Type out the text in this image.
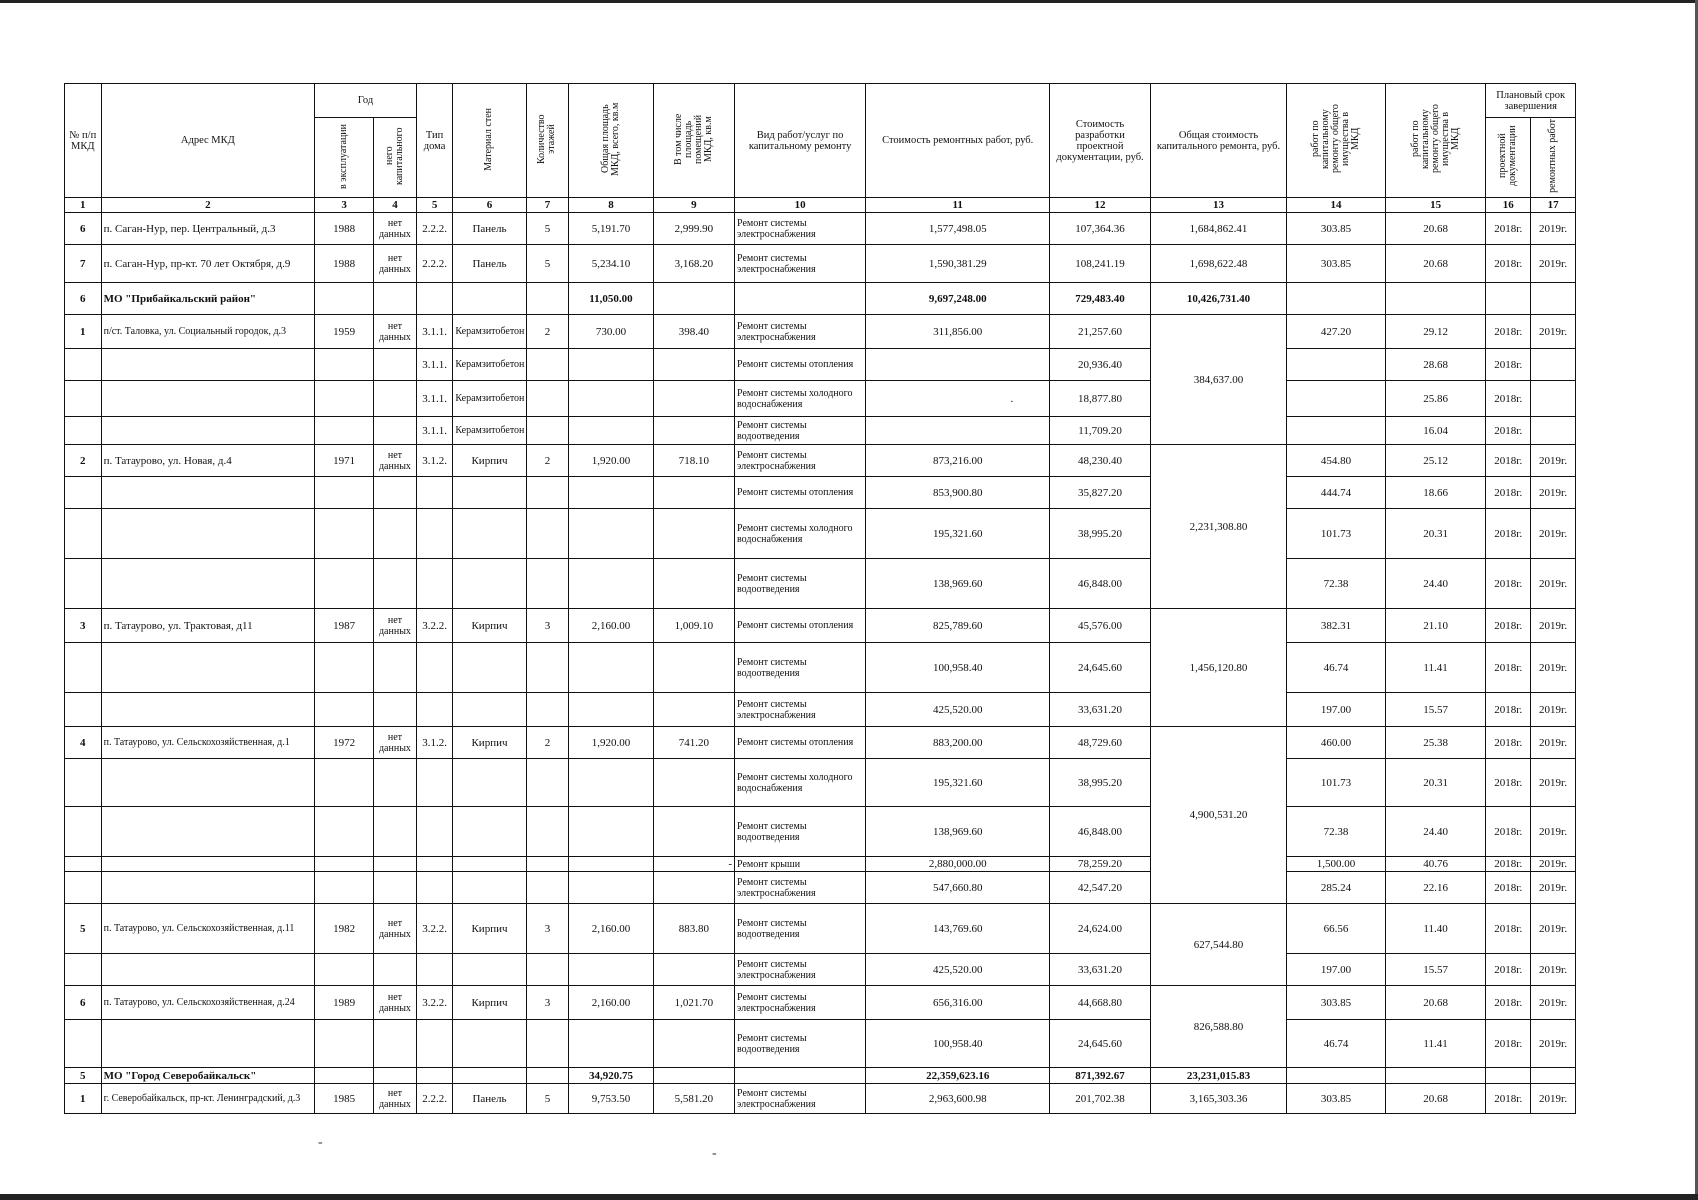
№ п/п МКД	Адрес МКД	Год		Тип дома	Материал стен	Количество этажей	Общая площадь МКД, всего, кв.м	В том числе площадь помещений МКД, кв.м	Вид работ/услуг по капитальному ремонту	Стоимость ремонтных работ, руб.	Стоимость разработки проектной документации, руб.	Общая стоимость капитального ремонта, руб.	работ по капитальному ремонту общего имущества в МКД	работ по капитальному ремонту общего имущества в МКД	Плановый срок завершения	
		в эксплуатации	него капитального												проектной документации	ремонтных работ
1	2	3	4	5	6	7	8	9	10	11	12	13	14	15	16	17
6	п. Саган-Нур, пер. Центральный, д.3	1988	нет данных	2.2.2.	Панель	5	5,191.70	2,999.90	Ремонт системы электроснабжения	1,577,498.05	107,364.36	1,684,862.41	303.85	20.68	2018г.	2019г.
7	п. Саган-Нур, пр-кт. 70 лет Октября, д.9	1988	нет данных	2.2.2.	Панель	5	5,234.10	3,168.20	Ремонт системы электроснабжения	1,590,381.29	108,241.19	1,698,622.48	303.85	20.68	2018г.	2019г.
6	МО "Прибайкальский район"						11,050.00			9,697,248.00	729,483.40	10,426,731.40				
1	п/ст. Таловка, ул. Социальный городок, д.3	1959	нет данных	3.1.1.	Керамзитобетон	2	730.00	398.40	Ремонт системы электроснабжения	311,856.00	21,257.60	384,637.00	427.20	29.12	2018г.	2019г.
				3.1.1.	Керамзитобетон				Ремонт системы отопления		20,936.40			28.68	2018г.	
				3.1.1.	Керамзитобетон				Ремонт системы холодного водоснабжения	.	18,877.80			25.86	2018г.	
				3.1.1.	Керамзитобетон				Ремонт системы водоотведения		11,709.20			16.04	2018г.	
2	п. Татаурово, ул. Новая, д.4	1971	нет данных	3.1.2.	Кирпич	2	1,920.00	718.10	Ремонт системы электроснабжения	873,216.00	48,230.40	2,231,308.80	454.80	25.12	2018г.	2019г.
									Ремонт системы отопления	853,900.80	35,827.20		444.74	18.66	2018г.	2019г.
									Ремонт системы холодного водоснабжения	195,321.60	38,995.20		101.73	20.31	2018г.	2019г.
									Ремонт системы водоотведения	138,969.60	46,848.00		72.38	24.40	2018г.	2019г.
3	п. Татаурово, ул. Трактовая, д11	1987	нет данных	3.2.2.	Кирпич	3	2,160.00	1,009.10	Ремонт системы отопления	825,789.60	45,576.00	1,456,120.80	382.31	21.10	2018г.	2019г.
									Ремонт системы водоотведения	100,958.40	24,645.60		46.74	11.41	2018г.	2019г.
									Ремонт системы электроснабжения	425,520.00	33,631.20		197.00	15.57	2018г.	2019г.
4	п. Татаурово, ул. Сельскохозяйственная, д.1	1972	нет данных	3.1.2.	Кирпич	2	1,920.00	741.20	Ремонт системы отопления	883,200.00	48,729.60	4,900,531.20	460.00	25.38	2018г.	2019г.
									Ремонт системы холодного водоснабжения	195,321.60	38,995.20		101.73	20.31	2018г.	2019г.
									Ремонт системы водоотведения	138,969.60	46,848.00		72.38	24.40	2018г.	2019г.
								-	Ремонт крыши	2,880,000.00	78,259.20		1,500.00	40.76	2018г.	2019г.
									Ремонт системы электроснабжения	547,660.80	42,547.20		285.24	22.16	2018г.	2019г.
5	п. Татаурово, ул. Сельскохозяйственная, д.11	1982	нет данных	3.2.2.	Кирпич	3	2,160.00	883.80	Ремонт системы водоотведения	143,769.60	24,624.00	627,544.80	66.56	11.40	2018г.	2019г.
									Ремонт системы электроснабжения	425,520.00	33,631.20		197.00	15.57	2018г.	2019г.
6	п. Татаурово, ул. Сельскохозяйственная, д.24	1989	нет данных	3.2.2.	Кирпич	3	2,160.00	1,021.70	Ремонт системы электроснабжения	656,316.00	44,668.80	826,588.80	303.85	20.68	2018г.	2019г.
									Ремонт системы водоотведения	100,958.40	24,645.60		46.74	11.41	2018г.	2019г.
5	МО "Город Северобайкальск"						34,920.75			22,359,623.16	871,392.67	23,231,015.83				
1	г. Северобайкальск, пр-кт. Ленинградский, д.3	1985	нет данных	2.2.2.	Панель	5	9,753.50	5,581.20	Ремонт системы электроснабжения	2,963,600.98	201,702.38	3,165,303.36	303.85	20.68	2018г.	2019г.
-
-
